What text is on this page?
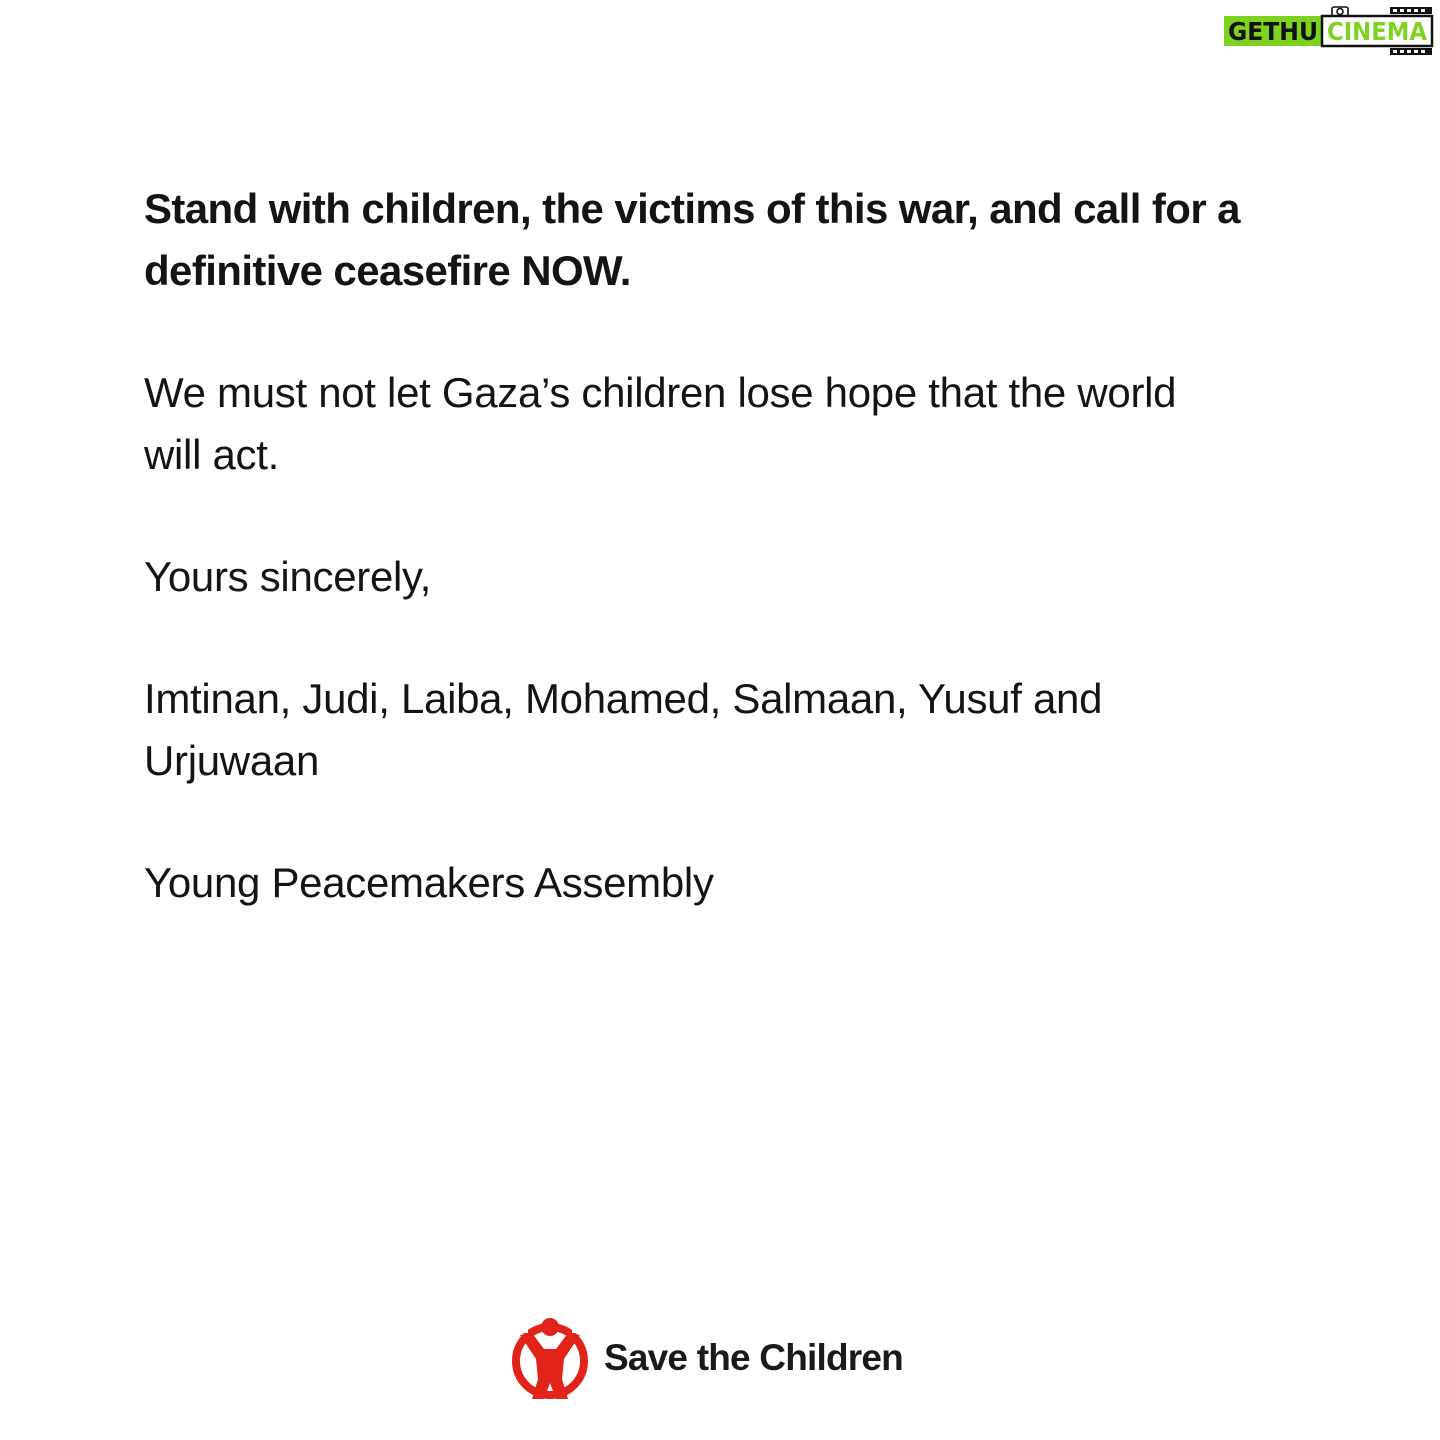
GETHU CINEMA

Stand with children, the victims of this war, and call for a
definitive ceasefire NOW.

We must not let Gaza’s children lose hope that the world
will act.

Yours sincerely,

Imtinan, Judi, Laiba, Mohamed, Salmaan, Yusuf and
Urjuwaan

Young Peacemakers Assembly

Save the Children
